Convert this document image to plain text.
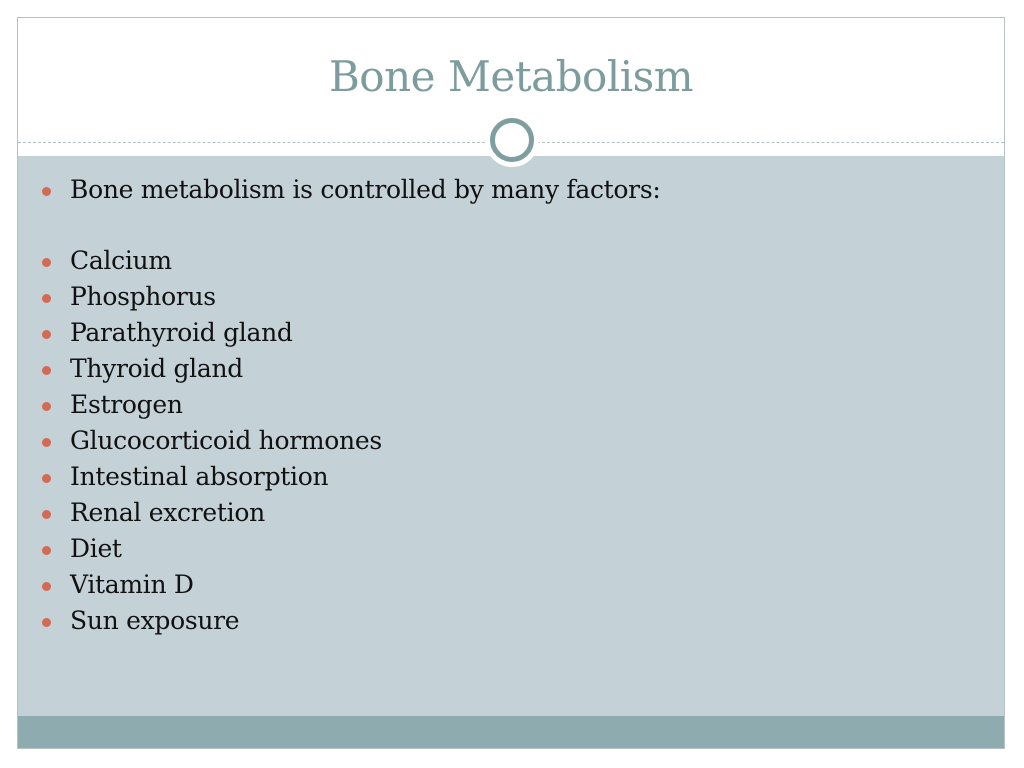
Bone Metabolism
Bone metabolism is controlled by many factors:
Calcium
Phosphorus
Parathyroid gland
Thyroid gland
Estrogen
Glucocorticoid hormones
Intestinal absorption
Renal excretion
Diet
Vitamin D
Sun exposure
